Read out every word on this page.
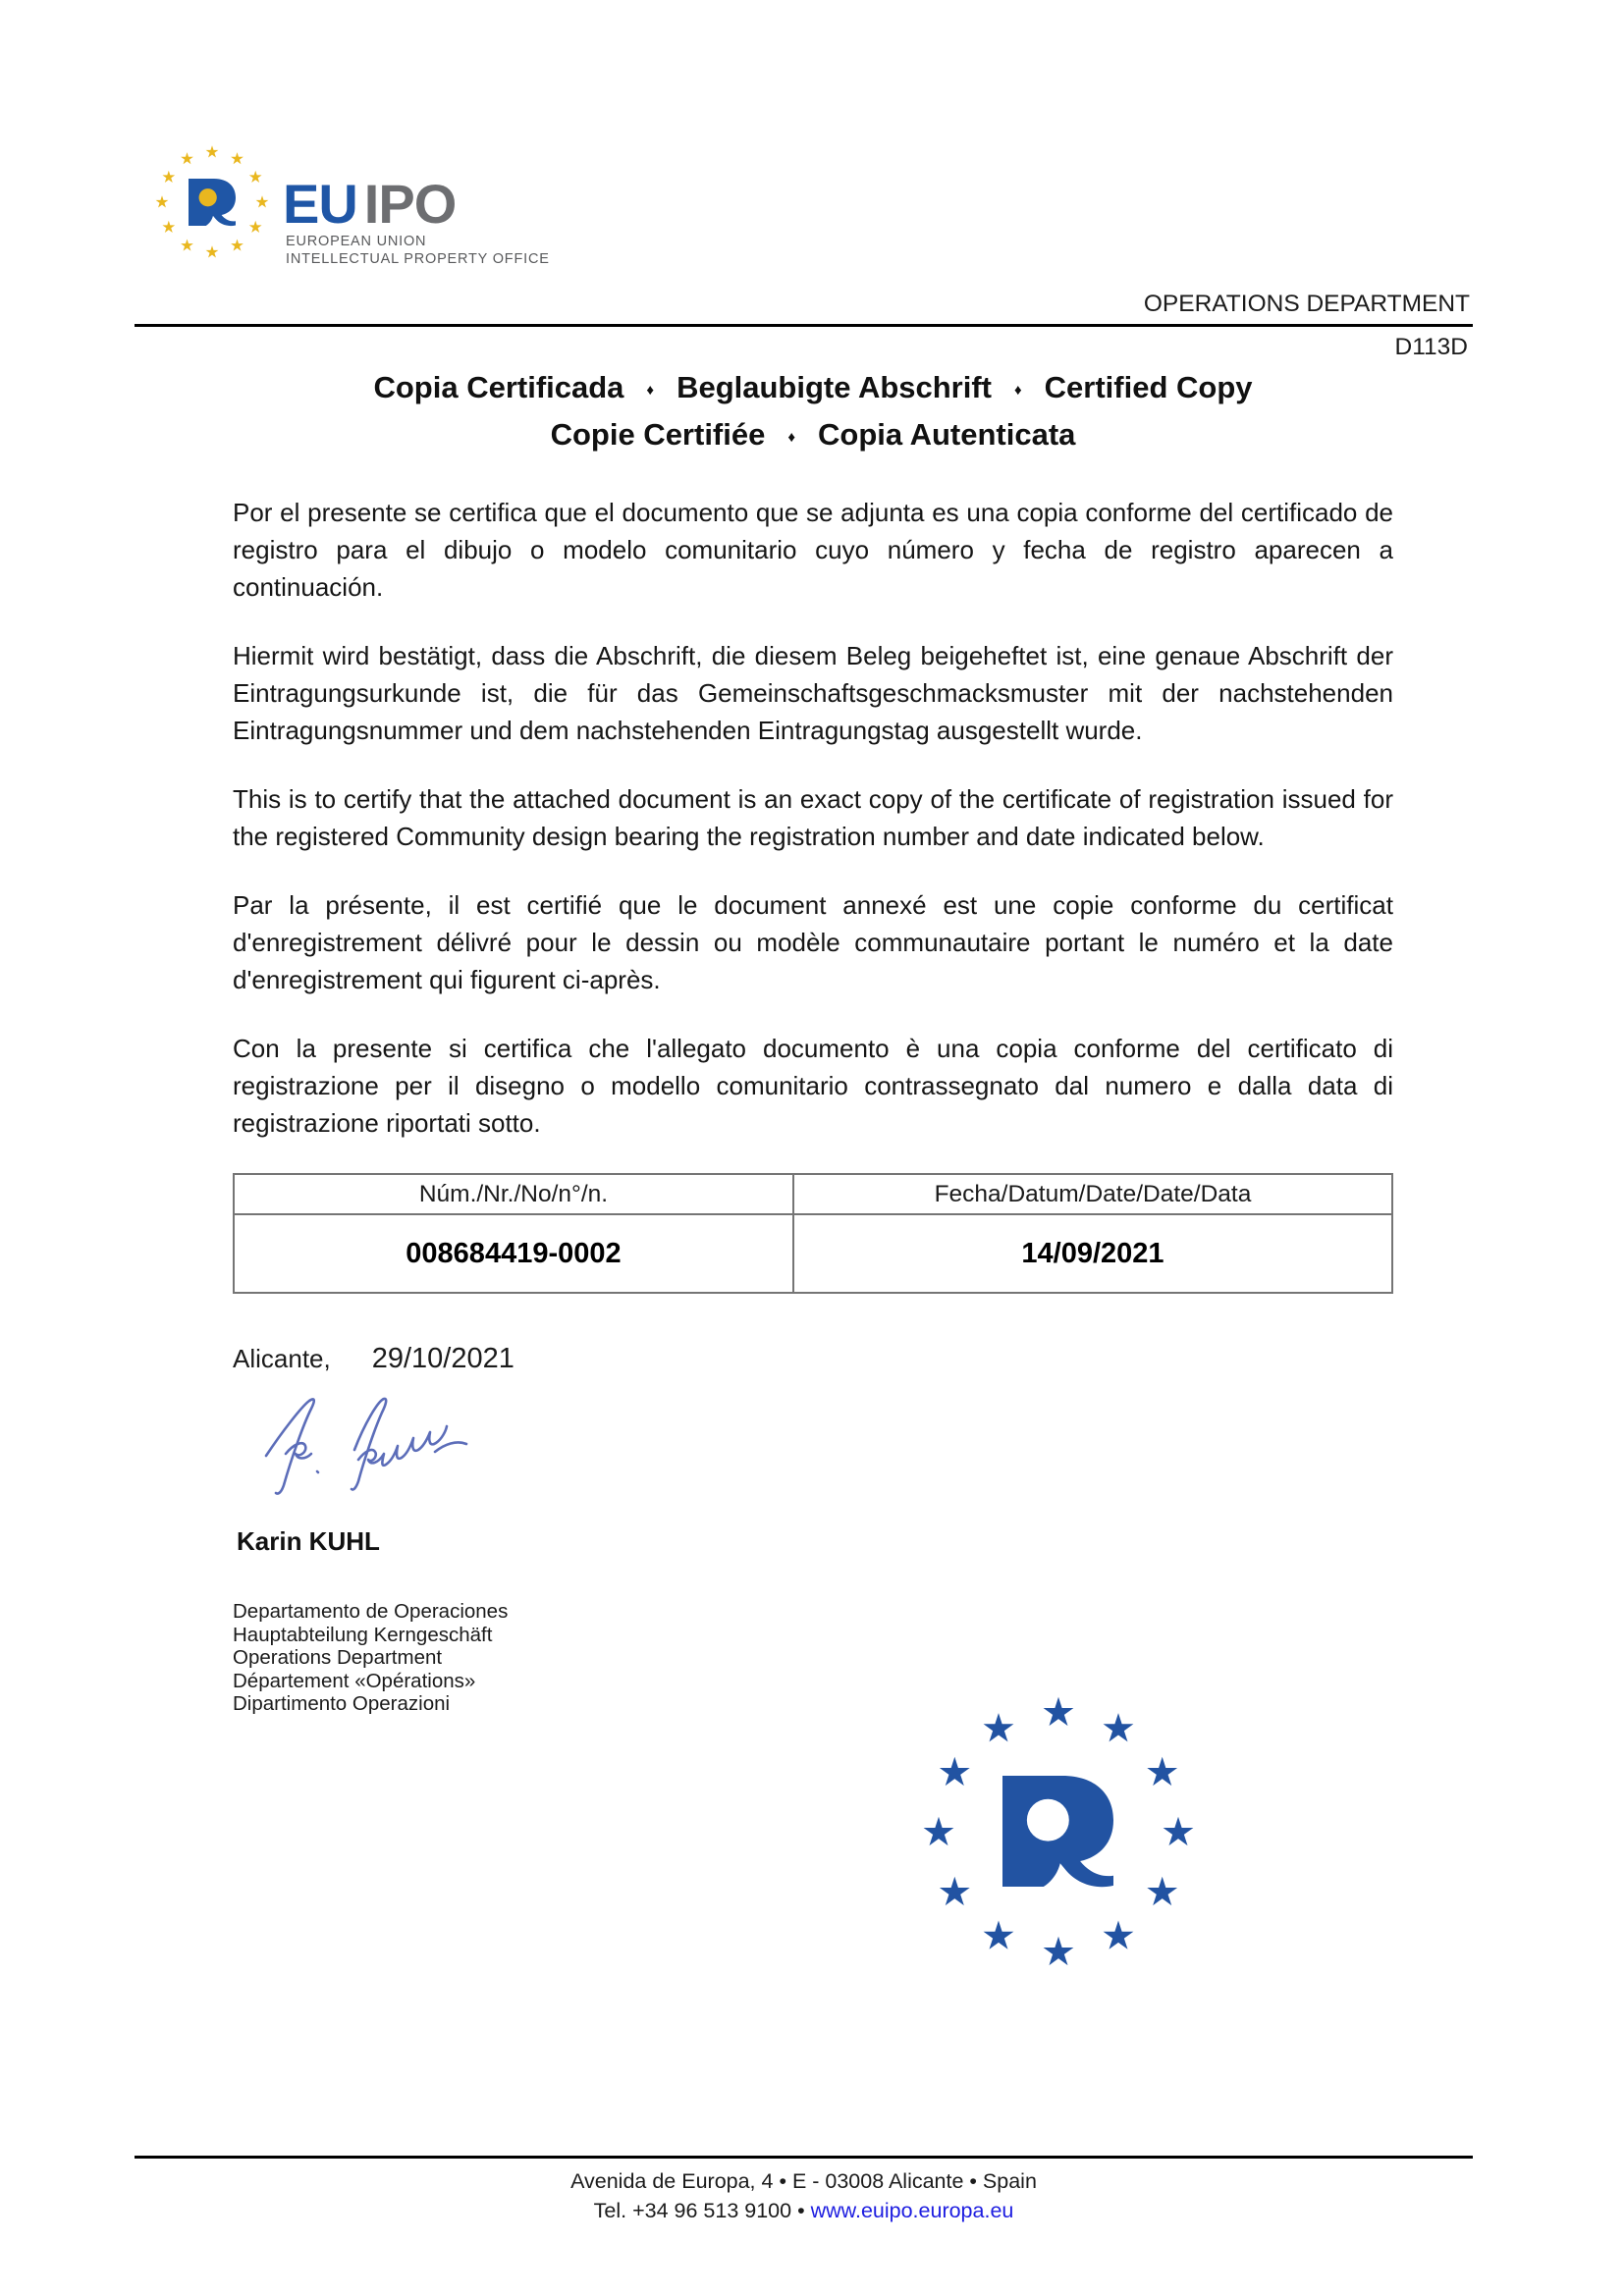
EU IPO
EUROPEAN UNION
INTELLECTUAL PROPERTY OFFICE
OPERATIONS DEPARTMENT
D113D
Copia Certificada ♦ Beglaubigte Abschrift ♦ Certified Copy
Copie Certifiée ♦ Copia Autenticata

Por el presente se certifica que el documento que se adjunta es una copia conforme del certificado de registro para el dibujo o modelo comunitario cuyo número y fecha de registro aparecen a continuación.

Hiermit wird bestätigt, dass die Abschrift, die diesem Beleg beigeheftet ist, eine genaue Abschrift der Eintragungsurkunde ist, die für das Gemeinschaftsgeschmacksmuster mit der nachstehenden Eintragungsnummer und dem nachstehenden Eintragungstag ausgestellt wurde.

This is to certify that the attached document is an exact copy of the certificate of registration issued for the registered Community design bearing the registration number and date indicated below.

Par la présente, il est certifié que le document annexé est une copie conforme du certificat d'enregistrement délivré pour le dessin ou modèle communautaire portant le numéro et la date d'enregistrement qui figurent ci-après.

Con la presente si certifica che l'allegato documento è una copia conforme del certificato di registrazione per il disegno o modello comunitario contrassegnato dal numero e dalla data di registrazione riportati sotto.

Núm./Nr./No/n°/n.	Fecha/Datum/Date/Date/Data
008684419-0002	14/09/2021
Alicante, 29/10/2021
Karin KUHL
Departamento de Operaciones
Hauptabteilung Kerngeschäft
Operations Department
Département «Opérations»
Dipartimento Operazioni
Avenida de Europa, 4 • E - 03008 Alicante • Spain
Tel. +34 96 513 9100 • www.euipo.europa.eu
